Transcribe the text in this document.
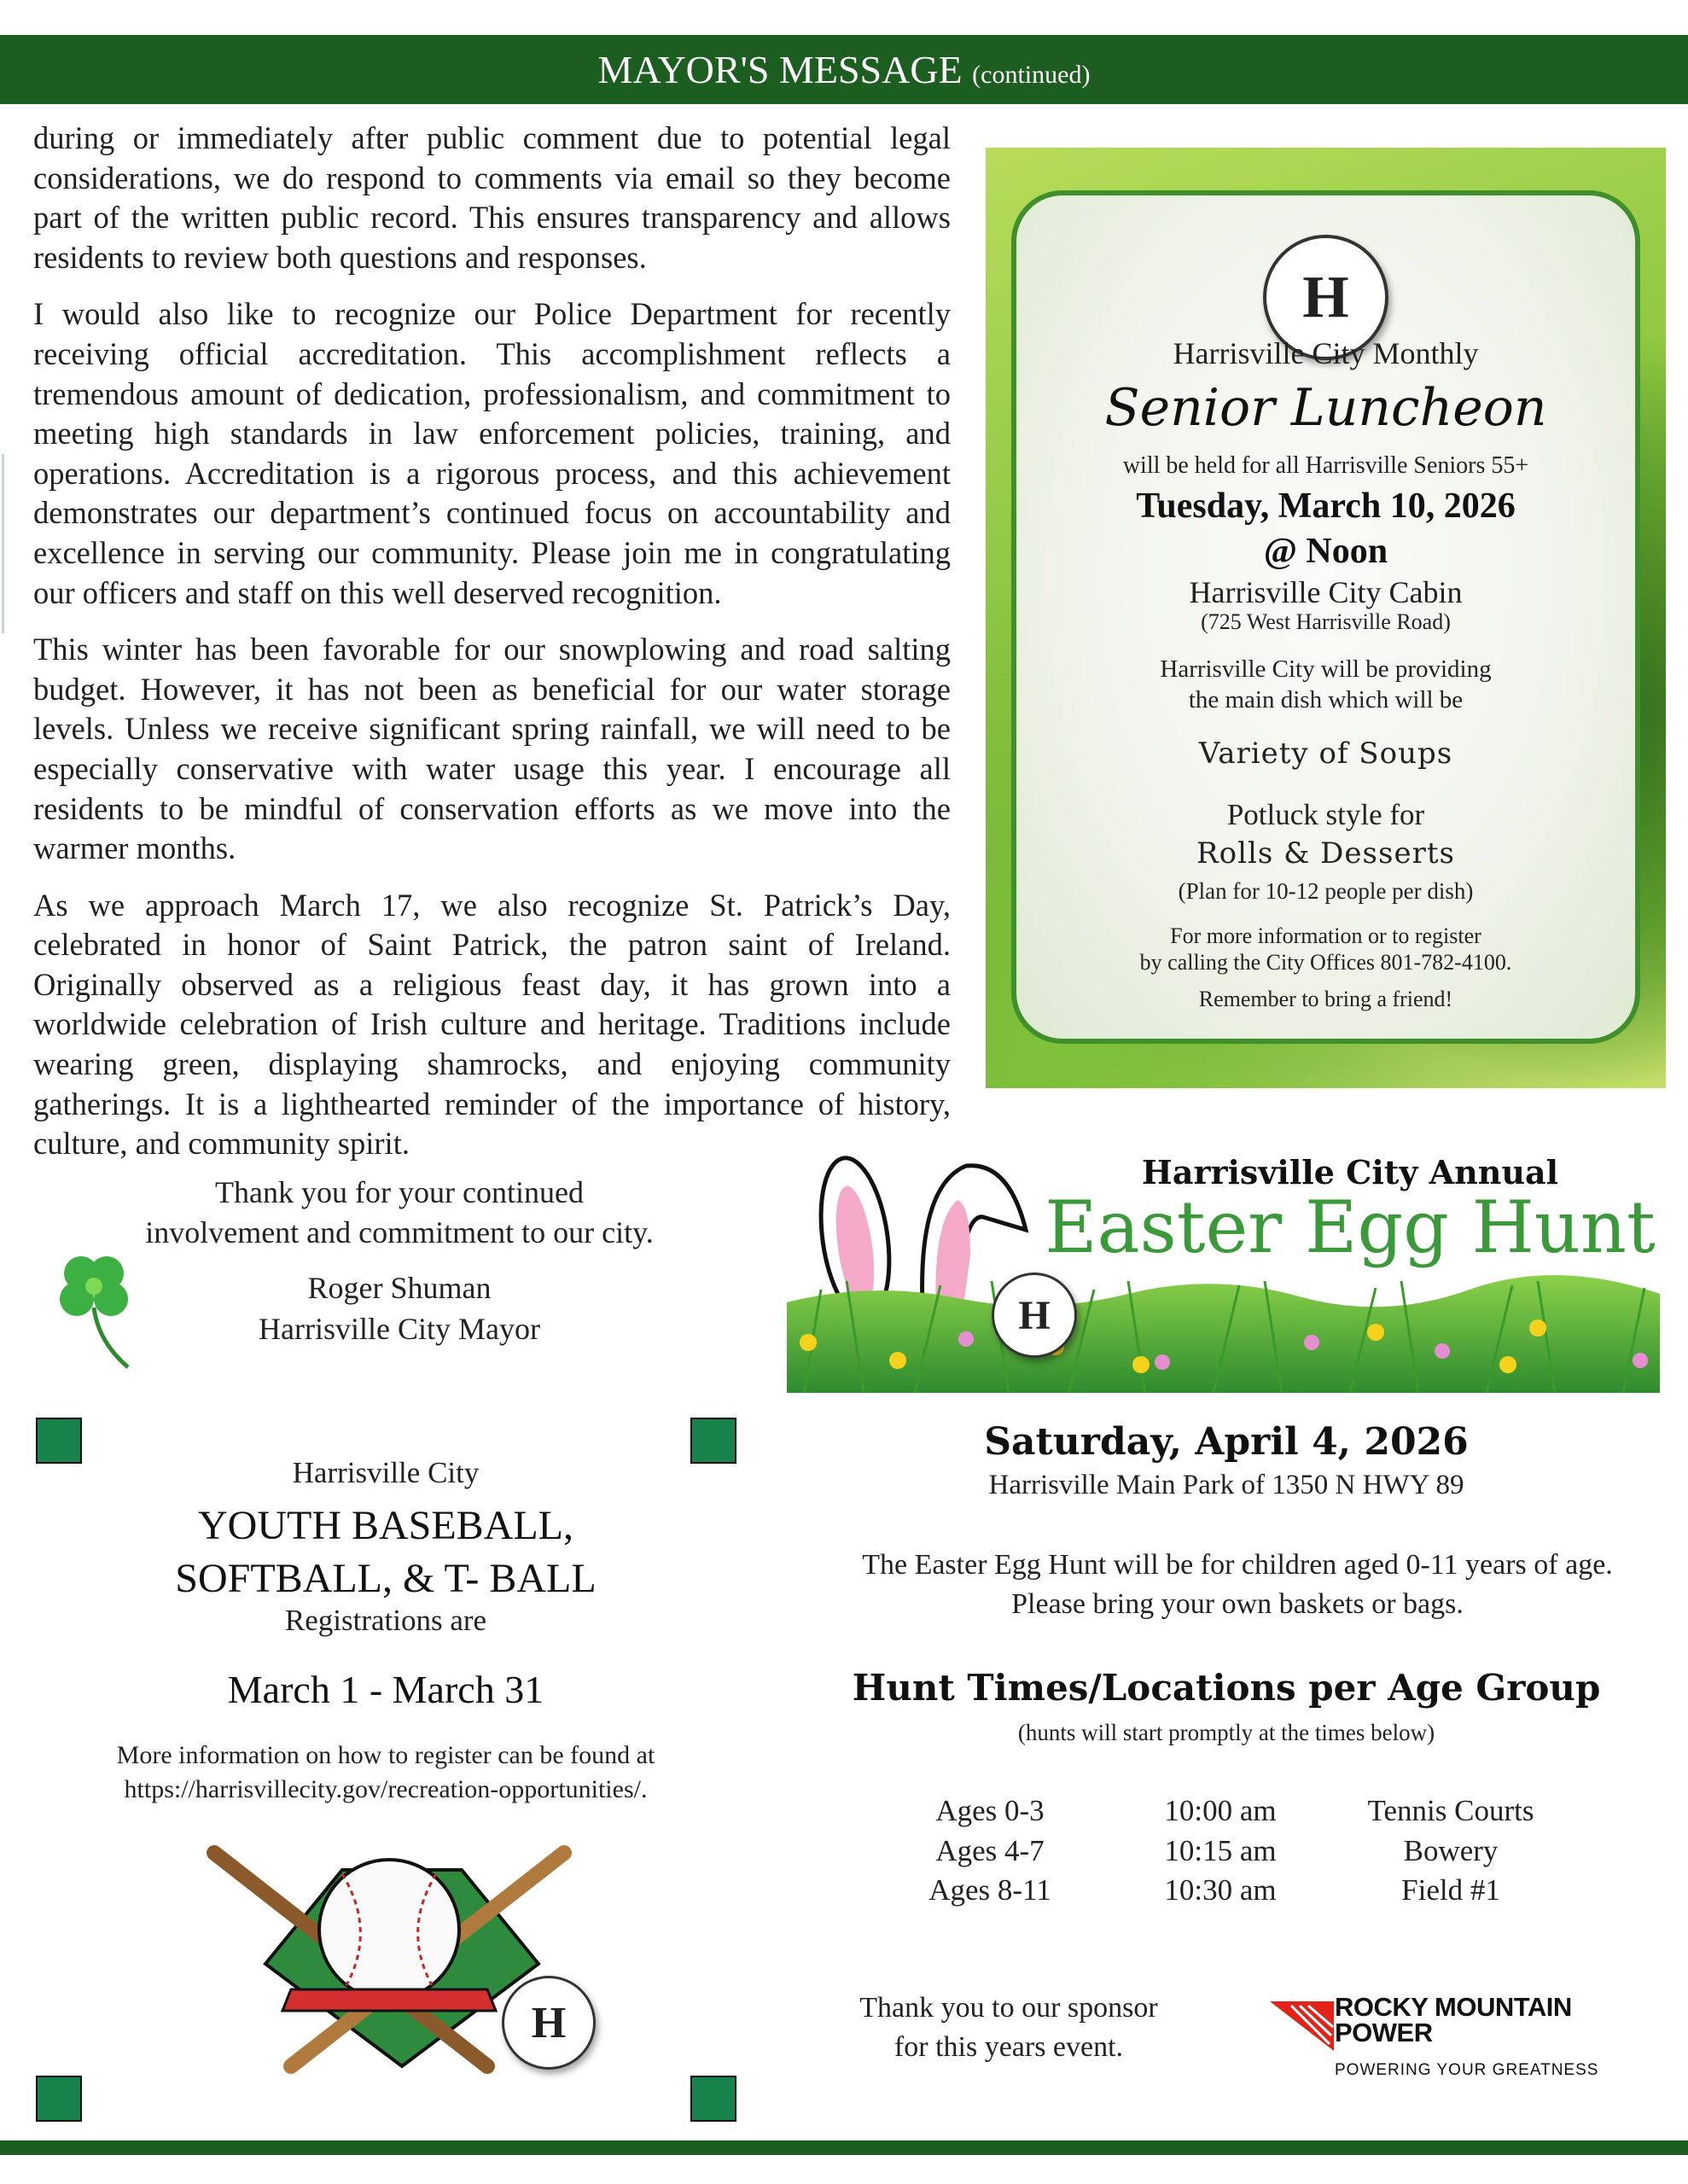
MAYOR'S MESSAGE (continued)

during or immediately after public comment due to potential legal considerations, we do respond to comments via email so they become part of the written public record. This ensures transparency and allows residents to review both questions and responses.

I would also like to recognize our Police Department for recently receiving official accreditation. This accomplishment reflects a tremendous amount of dedication, professionalism, and commitment to meeting high standards in law enforcement policies, training, and operations. Accreditation is a rigorous process, and this achievement demonstrates our department’s continued focus on accountability and excellence in serving our community. Please join me in congratulating our officers and staff on this well deserved recognition.

This winter has been favorable for our snowplowing and road salting budget. However, it has not been as beneficial for our water storage levels. Unless we receive significant spring rainfall, we will need to be especially conservative with water usage this year. I encourage all residents to be mindful of conservation efforts as we move into the warmer months.

As we approach March 17, we also recognize St. Patrick’s Day, celebrated in honor of Saint Patrick, the patron saint of Ireland. Originally observed as a religious feast day, it has grown into a worldwide celebration of Irish culture and heritage. Traditions include wearing green, displaying shamrocks, and enjoying community gatherings. It is a lighthearted reminder of the importance of history, culture, and community spirit.

Thank you for your continued
involvement and commitment to our city.
Roger Shuman
Harrisville City Mayor
H
Harrisville City Monthly
Senior Luncheon
will be held for all Harrisville Seniors 55+
Tuesday, March 10, 2026
@ Noon
Harrisville City Cabin
(725 West Harrisville Road)
Harrisville City will be providing
the main dish which will be
Variety of Soups
Potluck style for
Rolls & Desserts
(Plan for 10-12 people per dish)
For more information or to register
by calling the City Offices 801-782-4100.
Remember to bring a friend!
H
Harrisville City Annual
Easter Egg Hunt
Saturday, April 4, 2026
Harrisville Main Park of 1350 N HWY 89
The Easter Egg Hunt will be for children aged 0-11 years of age.
Please bring your own baskets or bags.
Hunt Times/Locations per Age Group
(hunts will start promptly at the times below)
Ages 0-3	10:00 am	Tennis Courts
Ages 4-7	10:15 am	Bowery
Ages 8-11	10:30 am	Field #1
Thank you to our sponsor
for this years event.
ROCKY MOUNTAIN
POWER
POWERING YOUR GREATNESS
Harrisville City
YOUTH BASEBALL,
SOFTBALL, & T- BALL
Registrations are
March 1 - March 31
More information on how to register can be found at
https://harrisvillecity.gov/recreation-opportunities/.
H
